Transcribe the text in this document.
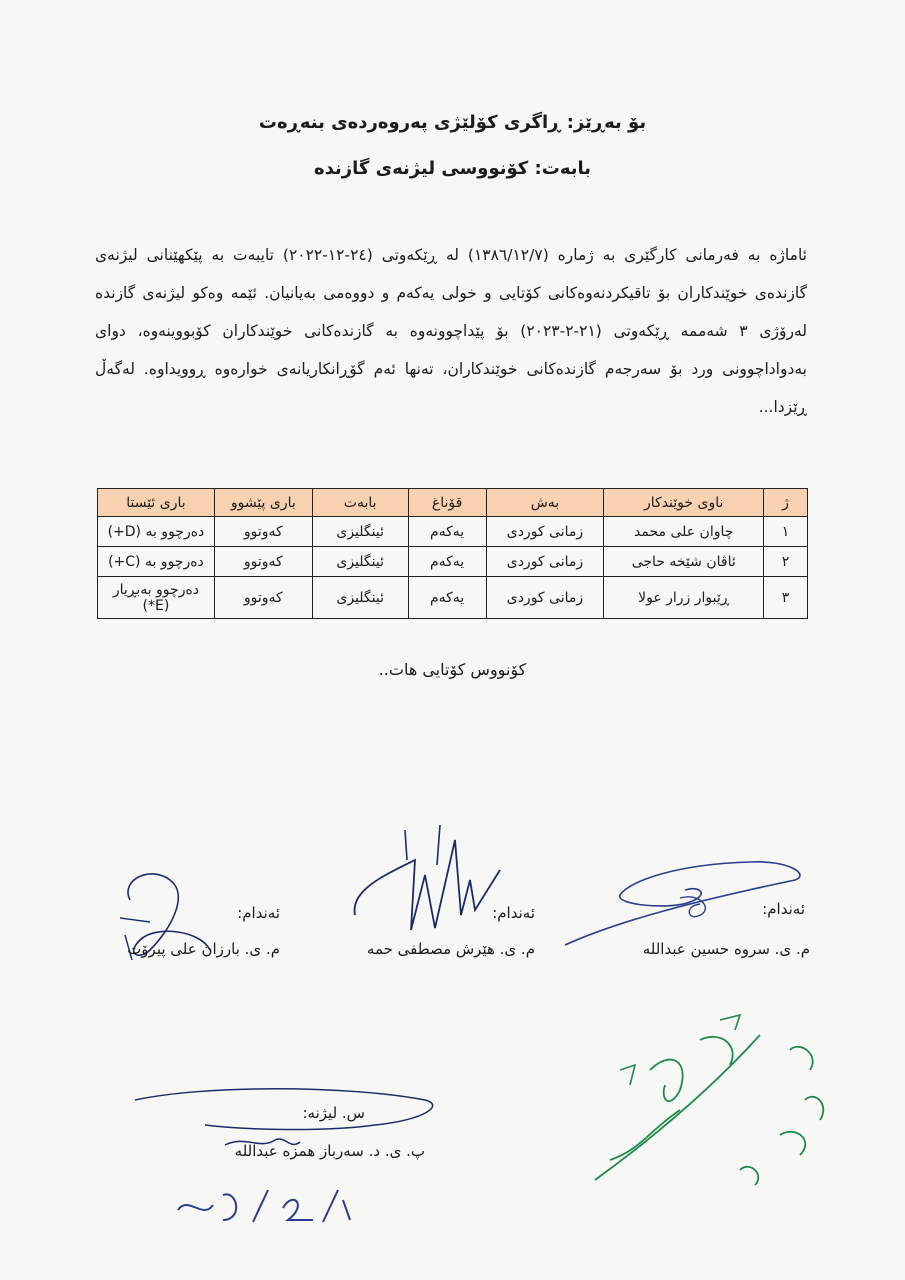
بۆ بەڕێز: ڕاگری کۆلێژی پەروەردەی بنەڕەت
بابەت: کۆنووسی لیژنەی گازندە
ئاماژە بە فەرمانی کارگێری بە ژمارە (١٣٨٦/١٢/٧) لە ڕێکەوتی (٢٤-١٢-٢٠٢٢) تایبەت بە پێکهێنانی لیژنەی گازندەی خوێندکاران بۆ تاقیکردنەوەکانی کۆتایی و خولی یەکەم و دووەمی بەیانیان. ئێمە وەکو لیژنەی گازندە لەرۆژی ٣ شەممە ڕێکەوتی (٢١-٢-٢٠٢٣) بۆ پێداچوونەوە بە گازندەکانی خوێندکاران کۆبووینەوە، دوای بەدواداچوونی ورد بۆ سەرجەم گازندەکانی خوێندکاران، تەنها ئەم گۆڕانکاریانەی خوارەوە ڕوویداوە. لەگەڵ ڕێزدا...
ژ	ناوی خوێندکار	بەش	قۆناغ	بابەت	باری پێشوو	باری ئێستا
١	چاوان علی محمد	زمانی کوردی	یەکەم	ئینگلیزی	کەوتوو	دەرچوو بە (D+)
٢	ئاڤان شێخە حاجی	زمانی کوردی	یەکەم	ئینگلیزی	کەوتوو	دەرچوو بە (C+)
٣	ڕێبوار زرار عولا	زمانی کوردی	یەکەم	ئینگلیزی	کەوتوو	دەرچوو بەبڕیار (E*)
کۆنووس کۆتایی هات..
ئەندام:
م. ی. سروە حسین عبداللە
ئەندام:
م. ی. هێرش مصطفى حمە
ئەندام:
م. ی. بارزان علی پیرۆت
س. لیژنە:
پ. ی. د. سەرباز همزە عبداللە
